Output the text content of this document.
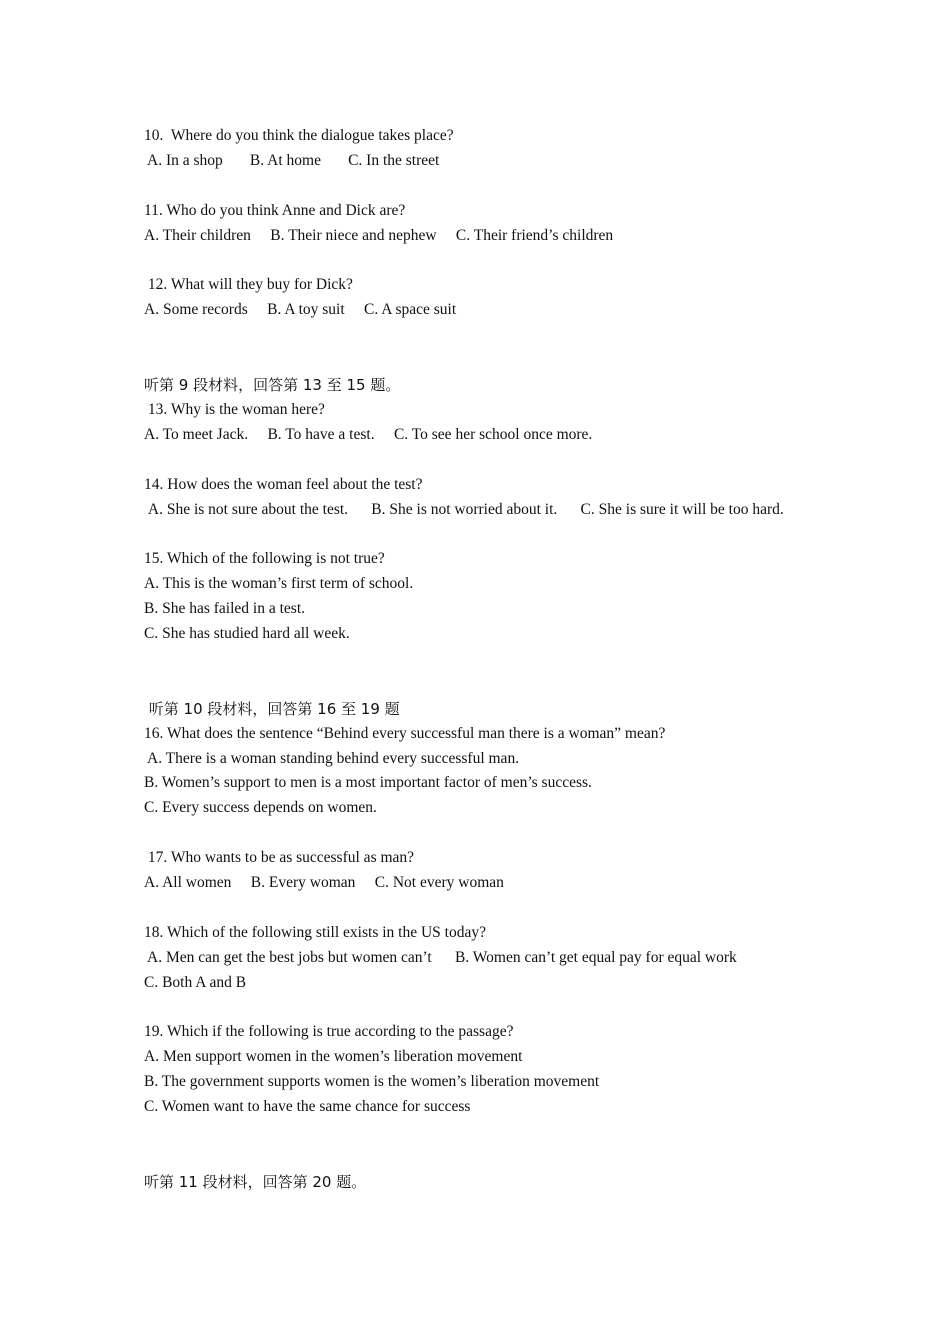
10.  Where do you think the dialogue takes place?
A. In a shop B. At home C. In the street
11. Who do you think Anne and Dick are?
A. Their children B. Their niece and nephew C. Their friend’s children
12. What will they buy for Dick?
A. Some records B. A toy suit C. A space suit
听第 9 段材料，回答第 13 至 15 题。
13. Why is the woman here?
A. To meet Jack. B. To have a test. C. To see her school once more.
14. How does the woman feel about the test?
A. She is not sure about the test.      B. She is not worried about it.      C. She is sure it will be too hard.
15. Which of the following is not true?
A. This is the woman’s first term of school.
B. She has failed in a test.
C. She has studied hard all week.
听第 10 段材料，回答第 16 至 19 题
16. What does the sentence “Behind every successful man there is a woman” mean?
A. There is a woman standing behind every successful man.
B. Women’s support to men is a most important factor of men’s success.
C. Every success depends on women.
17. Who wants to be as successful as man?
A. All women B. Every woman C. Not every woman
18. Which of the following still exists in the US today?
A. Men can get the best jobs but women can’t      B. Women can’t get equal pay for equal work
C. Both A and B
19. Which if the following is true according to the passage?
A. Men support women in the women’s liberation movement
B. The government supports women is the women’s liberation movement
C. Women want to have the same chance for success
听第 11 段材料，回答第 20 题。
